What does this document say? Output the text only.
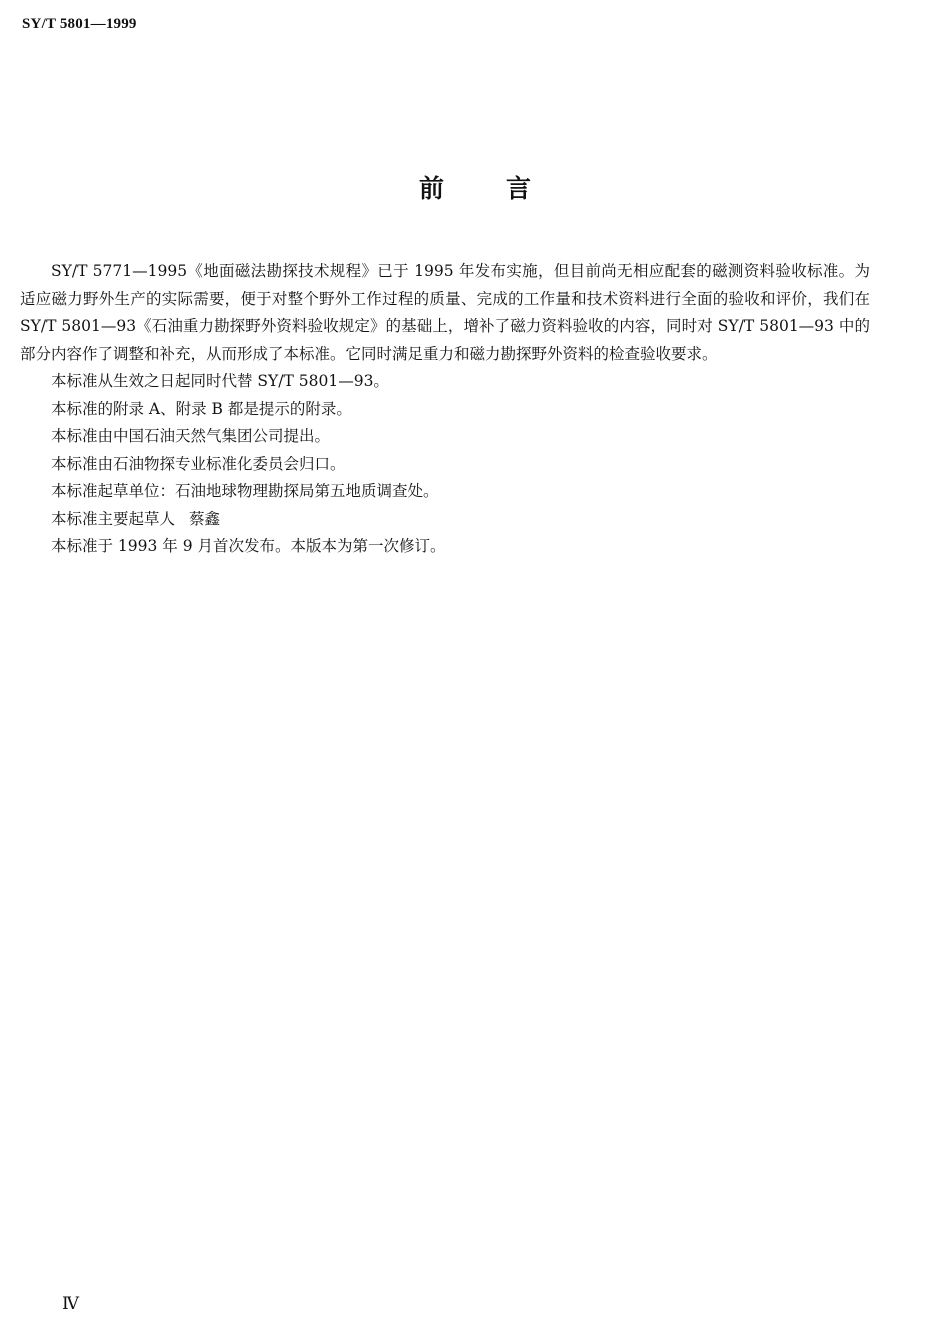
SY/T 5801—1999
前 言

SY/T 5771—1995《地面磁法勘探技术规程》已于 1995 年发布实施，但目前尚无相应配套的磁测资料验收标准。为适应磁力野外生产的实际需要，便于对整个野外工作过程的质量、完成的工作量和技术资料进行全面的验收和评价，我们在 SY/T 5801—93《石油重力勘探野外资料验收规定》的基础上，增补了磁力资料验收的内容，同时对 SY/T 5801—93 中的部分内容作了调整和补充，从而形成了本标准。它同时满足重力和磁力勘探野外资料的检查验收要求。

本标准从生效之日起同时代替 SY/T 5801—93。

本标准的附录 A、附录 B 都是提示的附录。

本标准由中国石油天然气集团公司提出。

本标准由石油物探专业标准化委员会归口。

本标准起草单位：石油地球物理勘探局第五地质调查处。

本标准主要起草人 蔡鑫

本标准于 1993 年 9 月首次发布。本版本为第一次修订。

Ⅳ
